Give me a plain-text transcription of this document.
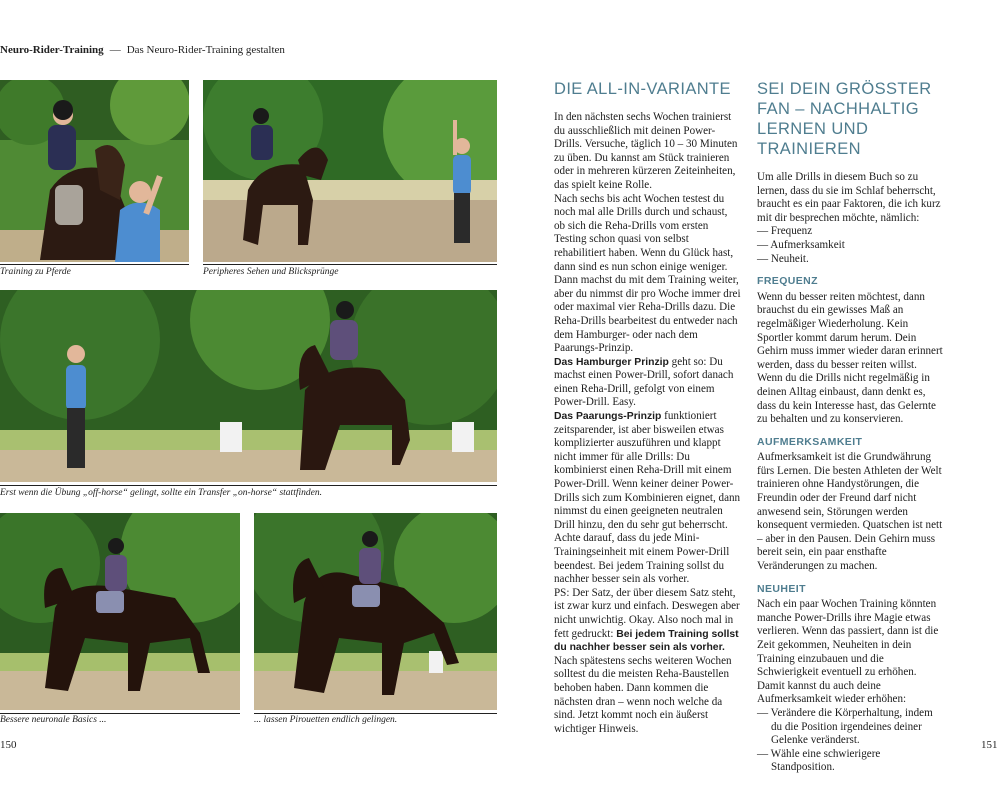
Neuro-Rider-Training — Das Neuro-Rider-Training gestalten
Training zu Pferde	Peripheres Sehen und Blicksprünge
Erst wenn die Übung „off-horse“ gelingt, sollte ein Transfer „on-horse“ stattfinden.
Bessere neuronale Basics ...	... lassen Pirouetten endlich gelingen.
DIE ALL-IN-VARIANTE

In den nächsten sechs Wochen trainierst du ausschließlich mit deinen Power-Drills. Versuche, täglich 10 – 30 Minuten zu üben. Du kannst am Stück trainieren oder in mehreren kürzeren Zeiteinheiten, das spielt keine Rolle.

Nach sechs bis acht Wochen testest du noch mal alle Drills durch und schaust, ob sich die Reha-Drills vom ersten Testing schon quasi von selbst rehabilitiert haben. Wenn du Glück hast, dann sind es nun schon einige weniger.

Dann machst du mit dem Training weiter, aber du nimmst dir pro Woche immer drei oder maximal vier Reha-Drills dazu. Die Reha-Drills bearbeitest du entweder nach dem Hamburger- oder nach dem Paarungs-Prinzip.

Das Hamburger Prinzip geht so: Du machst einen Power-Drill, sofort danach einen Reha-Drill, gefolgt von einem Power-Drill. Easy.

Das Paarungs-Prinzip funktioniert zeitsparender, ist aber bisweilen etwas komplizierter auszuführen und klappt nicht immer für alle Drills: Du kombinierst einen Reha-Drill mit einem Power-Drill. Wenn keiner deiner Power-Drills sich zum Kombinieren eignet, dann nimmst du einen geeigneten neutralen Drill hinzu, den du sehr gut beherrscht. Achte darauf, dass du jede Mini-Trainingseinheit mit einem Power-Drill beendest. Bei jedem Training sollst du nachher besser sein als vorher.

PS: Der Satz, der über diesem Satz steht, ist zwar kurz und einfach. Deswegen aber nicht unwichtig. Okay. Also noch mal in fett gedruckt: Bei jedem Training sollst du nachher besser sein als vorher.

Nach spätestens sechs weiteren Wochen solltest du die meisten Reha-Baustellen behoben haben. Dann kommen die nächsten dran – wenn noch welche da sind. Jetzt kommt noch ein äußerst wichtiger Hinweis.

SEI DEIN GRÖSSTER FAN – NACHHALTIG LERNEN UND TRAINIEREN

Um alle Drills in diesem Buch so zu lernen, dass du sie im Schlaf beherrscht, braucht es ein paar Faktoren, die ich kurz mit dir besprechen möchte, nämlich:

— Frequenz
— Aufmerksamkeit
— Neuheit.
FREQUENZ

Wenn du besser reiten möchtest, dann brauchst du ein gewisses Maß an regelmäßiger Wiederholung. Kein Sportler kommt darum herum. Dein Gehirn muss immer wieder daran erinnert werden, dass du besser reiten willst. Wenn du die Drills nicht regelmäßig in deinen Alltag einbaust, dann denkt es, dass du kein Interesse hast, das Gelernte zu behalten und zu konservieren.

AUFMERKSAMKEIT

Aufmerksamkeit ist die Grundwährung fürs Lernen. Die besten Athleten der Welt trainieren ohne Handystörungen, die Freundin oder der Freund darf nicht anwesend sein, Störungen werden konsequent vermieden. Quatschen ist nett – aber in den Pausen. Dein Gehirn muss bereit sein, ein paar ensthafte Veränderungen zu machen.

NEUHEIT

Nach ein paar Wochen Training könnten manche Power-Drills ihre Magie etwas verlieren. Wenn das passiert, dann ist die Zeit gekommen, Neuheiten in dein Training einzubauen und die Schwierigkeit eventuell zu erhöhen. Damit kannst du auch deine Aufmerksamkeit wieder erhöhen:

— Verändere die Körperhaltung, indem du die Position irgendeines deiner Gelenke veränderst.
— Wähle eine schwierigere Standposition.
150	151
